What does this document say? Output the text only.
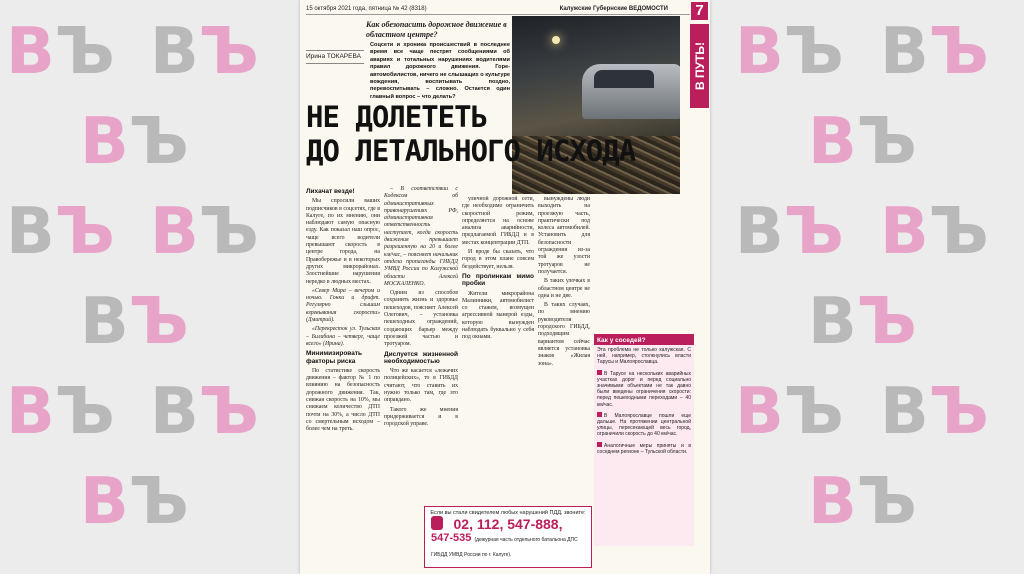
ВЪ ВЪ
ВЪ
ВЪ ВЪ
ВЪ
ВЪ ВЪ
ВЪ
ВЪ ВЪ
ВЪ
ВЪ ВЪ
ВЪ
ВЪ ВЪ
ВЪ
15 октября 2021 года, пятница № 42 (8318)	Калужские Губернские ВЕДОМОСТИ 7
В ПУТЬ!
Как обезопасить дорожное движение в областном центре?
Ирина ТОКАРЕВА
Соцсети и хроника происшествий в последнее время все чаще пестрят сообщениями об авариях и тотальных нарушениях водителями правил дорожного движения. Горе-автомобилистов, ничего не слышащих о культуре вождения, воспитывать поздно, перевоспитывать – сложно. Остается один главный вопрос – что делать?
НЕ ДОЛЕТЕТЬ
ДО ЛЕТАЛЬНОГО ИСХОДА
Лихачат везде!

Мы спросили ваших подписчиков в соцсетях, где в Калуге, по их мнению, они наблюдают самую опасную езду. Как показал наш опрос, чаще всего водители превышают скорость в центре города, на Правобережье и в некоторых других микрорайонах. Злостнейшие нарушения нередко в людных местах.

«Север Мира – вечером и ночью. Гонки и дрифт. Регулярно слышим взревывания скорости» (Дмитрий).

«Перекресток ул. Тульская – Билибина – четверг, чаще всего» (Ирина).

Минимизировать факторы риска

По статистике скорость движения – фактор № 1 по влиянию на безопасность дорожного движения. Так, снижая скорость на 10%, мы снижаем количество ДТП почти на 30%, а число ДТП со смертельным исходом – более чем на треть.

– В соответствии с Кодексом об административных правонарушениях РФ, административная ответственность наступает, когда скорость движения превышает разрешенную на 20 и более км/час, – поясняет начальник отдела пропаганды ГИБДД УМВД России по Калужской области Алексей МОСКАЛЕНКО.

Одним из способов сохранить жизнь и здоровье пешеходов, поясняет Алексей Олегович, – установка пешеходных ограждений, создающих барьер между проезжей частью и тротуаром.

Дислуется жизненной необходимостью

Что же касается «лежачих полицейских», то в ГИБДД считают, что ставить их нужно только там, где это оправдано.

Такого же мнения придерживается и в городской управе.

уличной дорожной сети, где необходимо ограничить скоростной режим, определяется на основе анализа аварийности, предлагаемой ГИБДД и в местах концентрации ДТП.

И вроде бы сказать, что город в этом плане совсем бездействует, нельзя.

По пролинкам мимо пробки

Жители микрорайона Малинники, автомобилист со стажем, возмущен агрессивной манерой езды, которую вынужден наблюдать буквально у себя под окнами.

вынуждены люди выходить на проезжую часть, практически под колеса автомобилей. Установить для безопасности ограждения из-за той же узости тротуаров не получается.

В таких улочках в областном центре не одна и не две.

В таких случаях, по мнению руководителя городского ГИБДД, подходящим вариантом сейчас является установка знаков «Жилая зона».

Если вы стали свидетелем любых нарушений ПДД, звоните:
02, 112, 547-888,
547-535 (дежурная часть отдельного батальона ДПС ГИБДД УМВД России по г. Калуге).
Как у соседей?
Эта проблема не только калужская. С ней, например, столкнулись власти Тарусы и Малоярославца.
В Тарусе на нескольких аварийных участках дорог и перед социально значимыми объектами не так давно были введены ограничения скорости: перед пешеходными переходами – 40 км/час.
В Малоярославце пошли еще дальше. На протяжении центральной улицы, пересекающей весь город, ограничили скорость до 40 км/час.
Аналогичные меры приняты и в соседнем регионе – Тульской области.
